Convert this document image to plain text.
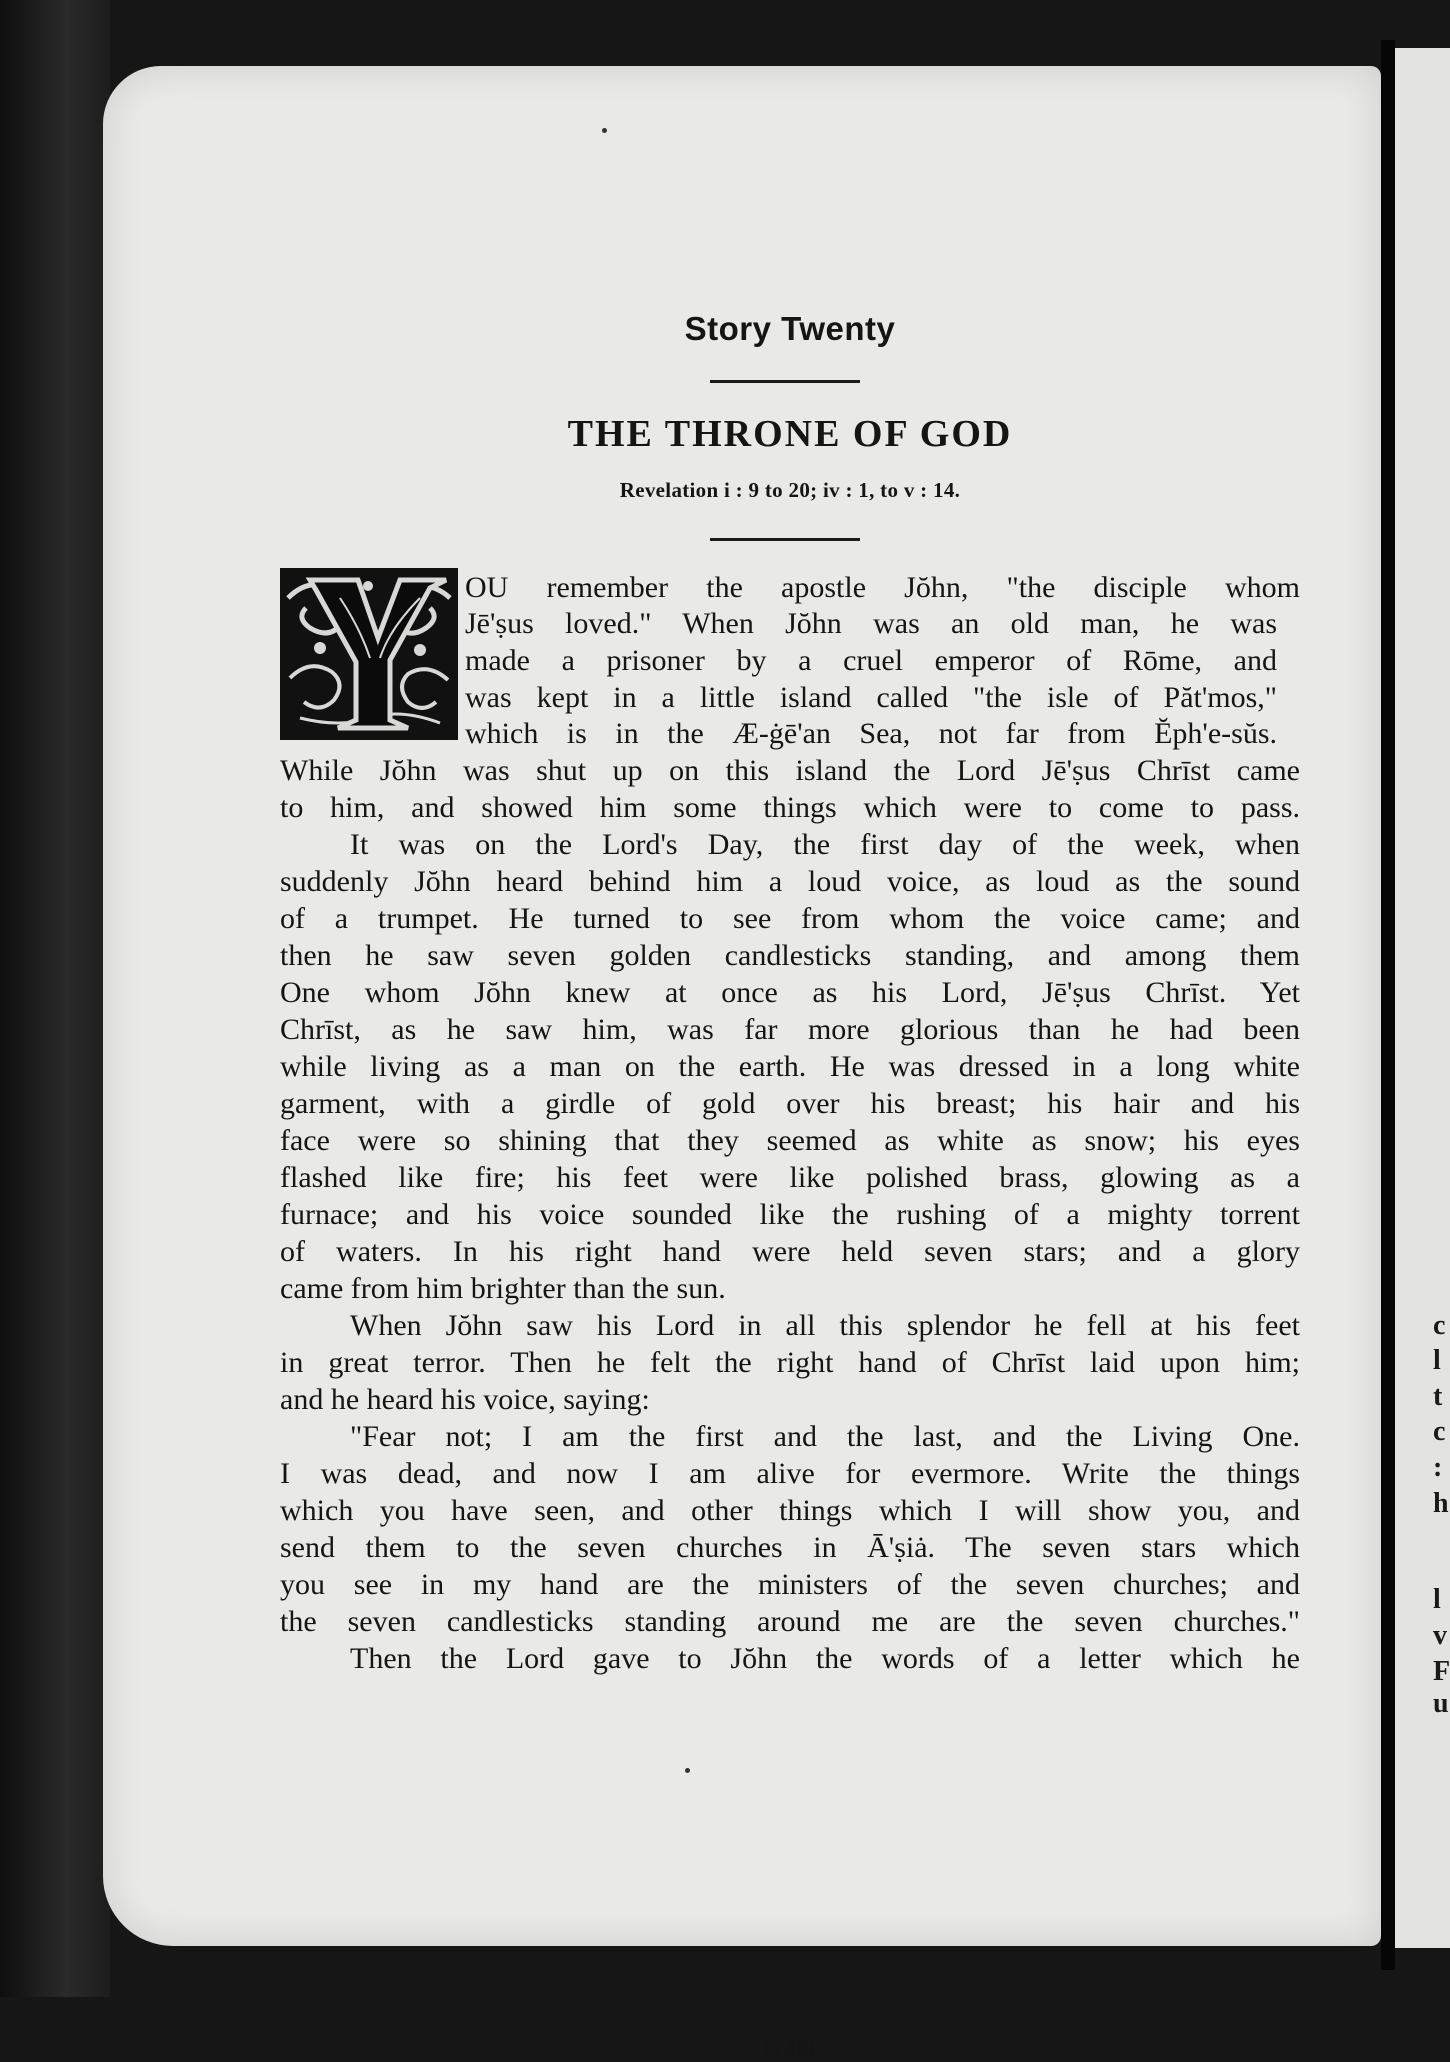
c
l
t
c
:
h
l
v
F
u
Story Twenty
THE THRONE OF GOD
Revelation i : 9 to 20; iv : 1, to v : 14.
OU remember the apostle Jŏhn, "the disciple whom
Jē'ṣus loved." When Jŏhn was an old man, he was
made a prisoner by a cruel emperor of Rōme, and
was kept in a little island called "the isle of Păt'mos,"
which is in the Æ-ġē'an Sea, not far from Ĕph'e-sŭs.
While Jŏhn was shut up on this island the Lord Jē'ṣus Chrīst came
to him, and showed him some things which were to come to pass.
It was on the Lord's Day, the first day of the week, when
suddenly Jŏhn heard behind him a loud voice, as loud as the sound
of a trumpet. He turned to see from whom the voice came; and
then he saw seven golden candlesticks standing, and among them
One whom Jŏhn knew at once as his Lord, Jē'ṣus Chrīst. Yet
Chrīst, as he saw him, was far more glorious than he had been
while living as a man on the earth. He was dressed in a long white
garment, with a girdle of gold over his breast; his hair and his
face were so shining that they seemed as white as snow; his eyes
flashed like fire; his feet were like polished brass, glowing as a
furnace; and his voice sounded like the rushing of a mighty torrent
of waters. In his right hand were held seven stars; and a glory
came from him brighter than the sun.
When Jŏhn saw his Lord in all this splendor he fell at his feet
in great terror. Then he felt the right hand of Chrīst laid upon him;
and he heard his voice, saying:
"Fear not; I am the first and the last, and the Living One.
I was dead, and now I am alive for evermore. Write the things
which you have seen, and other things which I will show you, and
send them to the seven churches in Ā'ṣiȧ. The seven stars which
you see in my hand are the ministers of the seven churches; and
the seven candlesticks standing around me are the seven churches."
Then the Lord gave to Jŏhn the words of a letter which he
(746)
